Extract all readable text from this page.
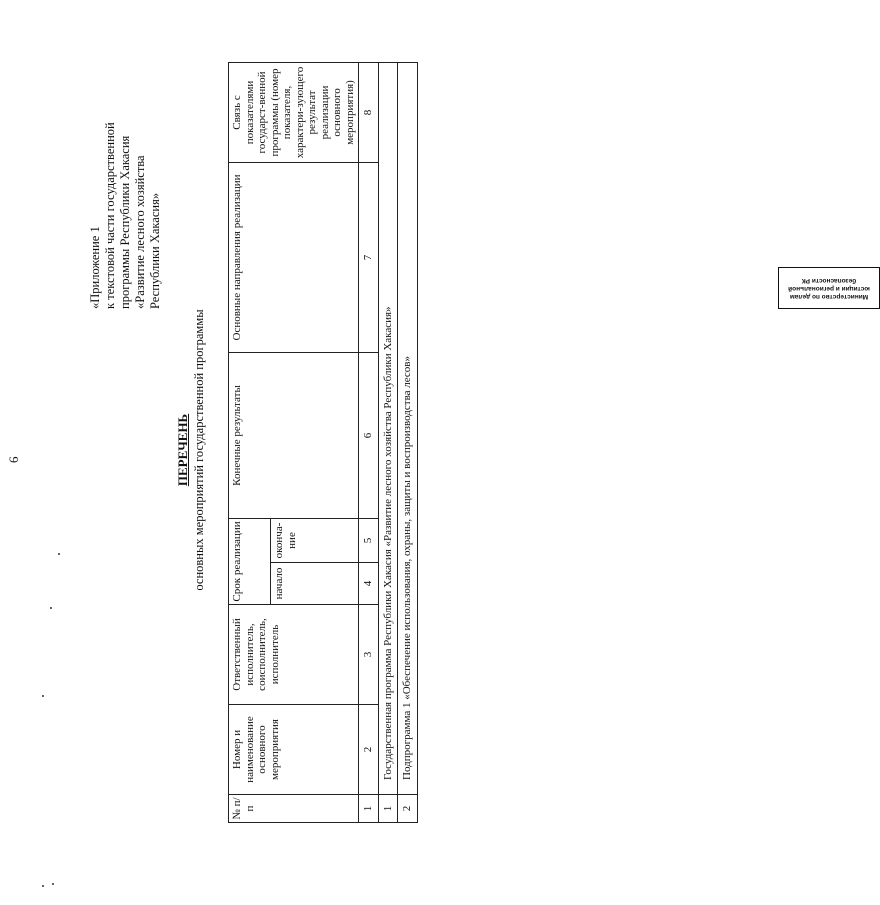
6
«Приложение 1 к текстовой части государственной программы Республики Хакасия «Развитие лесного хозяйства Республики Хакасия»
ПЕРЕЧЕНЬ основных мероприятий государственной программы
№ п/п	Номер и наименование основного мероприятия	Ответственный исполнитель, соисполнитель, исполнитель	Срок реализации		Конечные результаты	Основные направления реализации	Связь с показателями государст-венной программы (номер показателя, характери-зующего результат реализации основного мероприятия)
			начало	оконча-ние			
1	2	3	4	5	6	7	8
1	Государственная программа Республики Хакасия «Развитие лесного хозяйства Республики Хакасия»						
2	Подпрограмма 1 «Обеспечение использования, охраны, защиты и воспроизводства лесов»						
Министерство по делам юстиции и региональной безопасности РК
